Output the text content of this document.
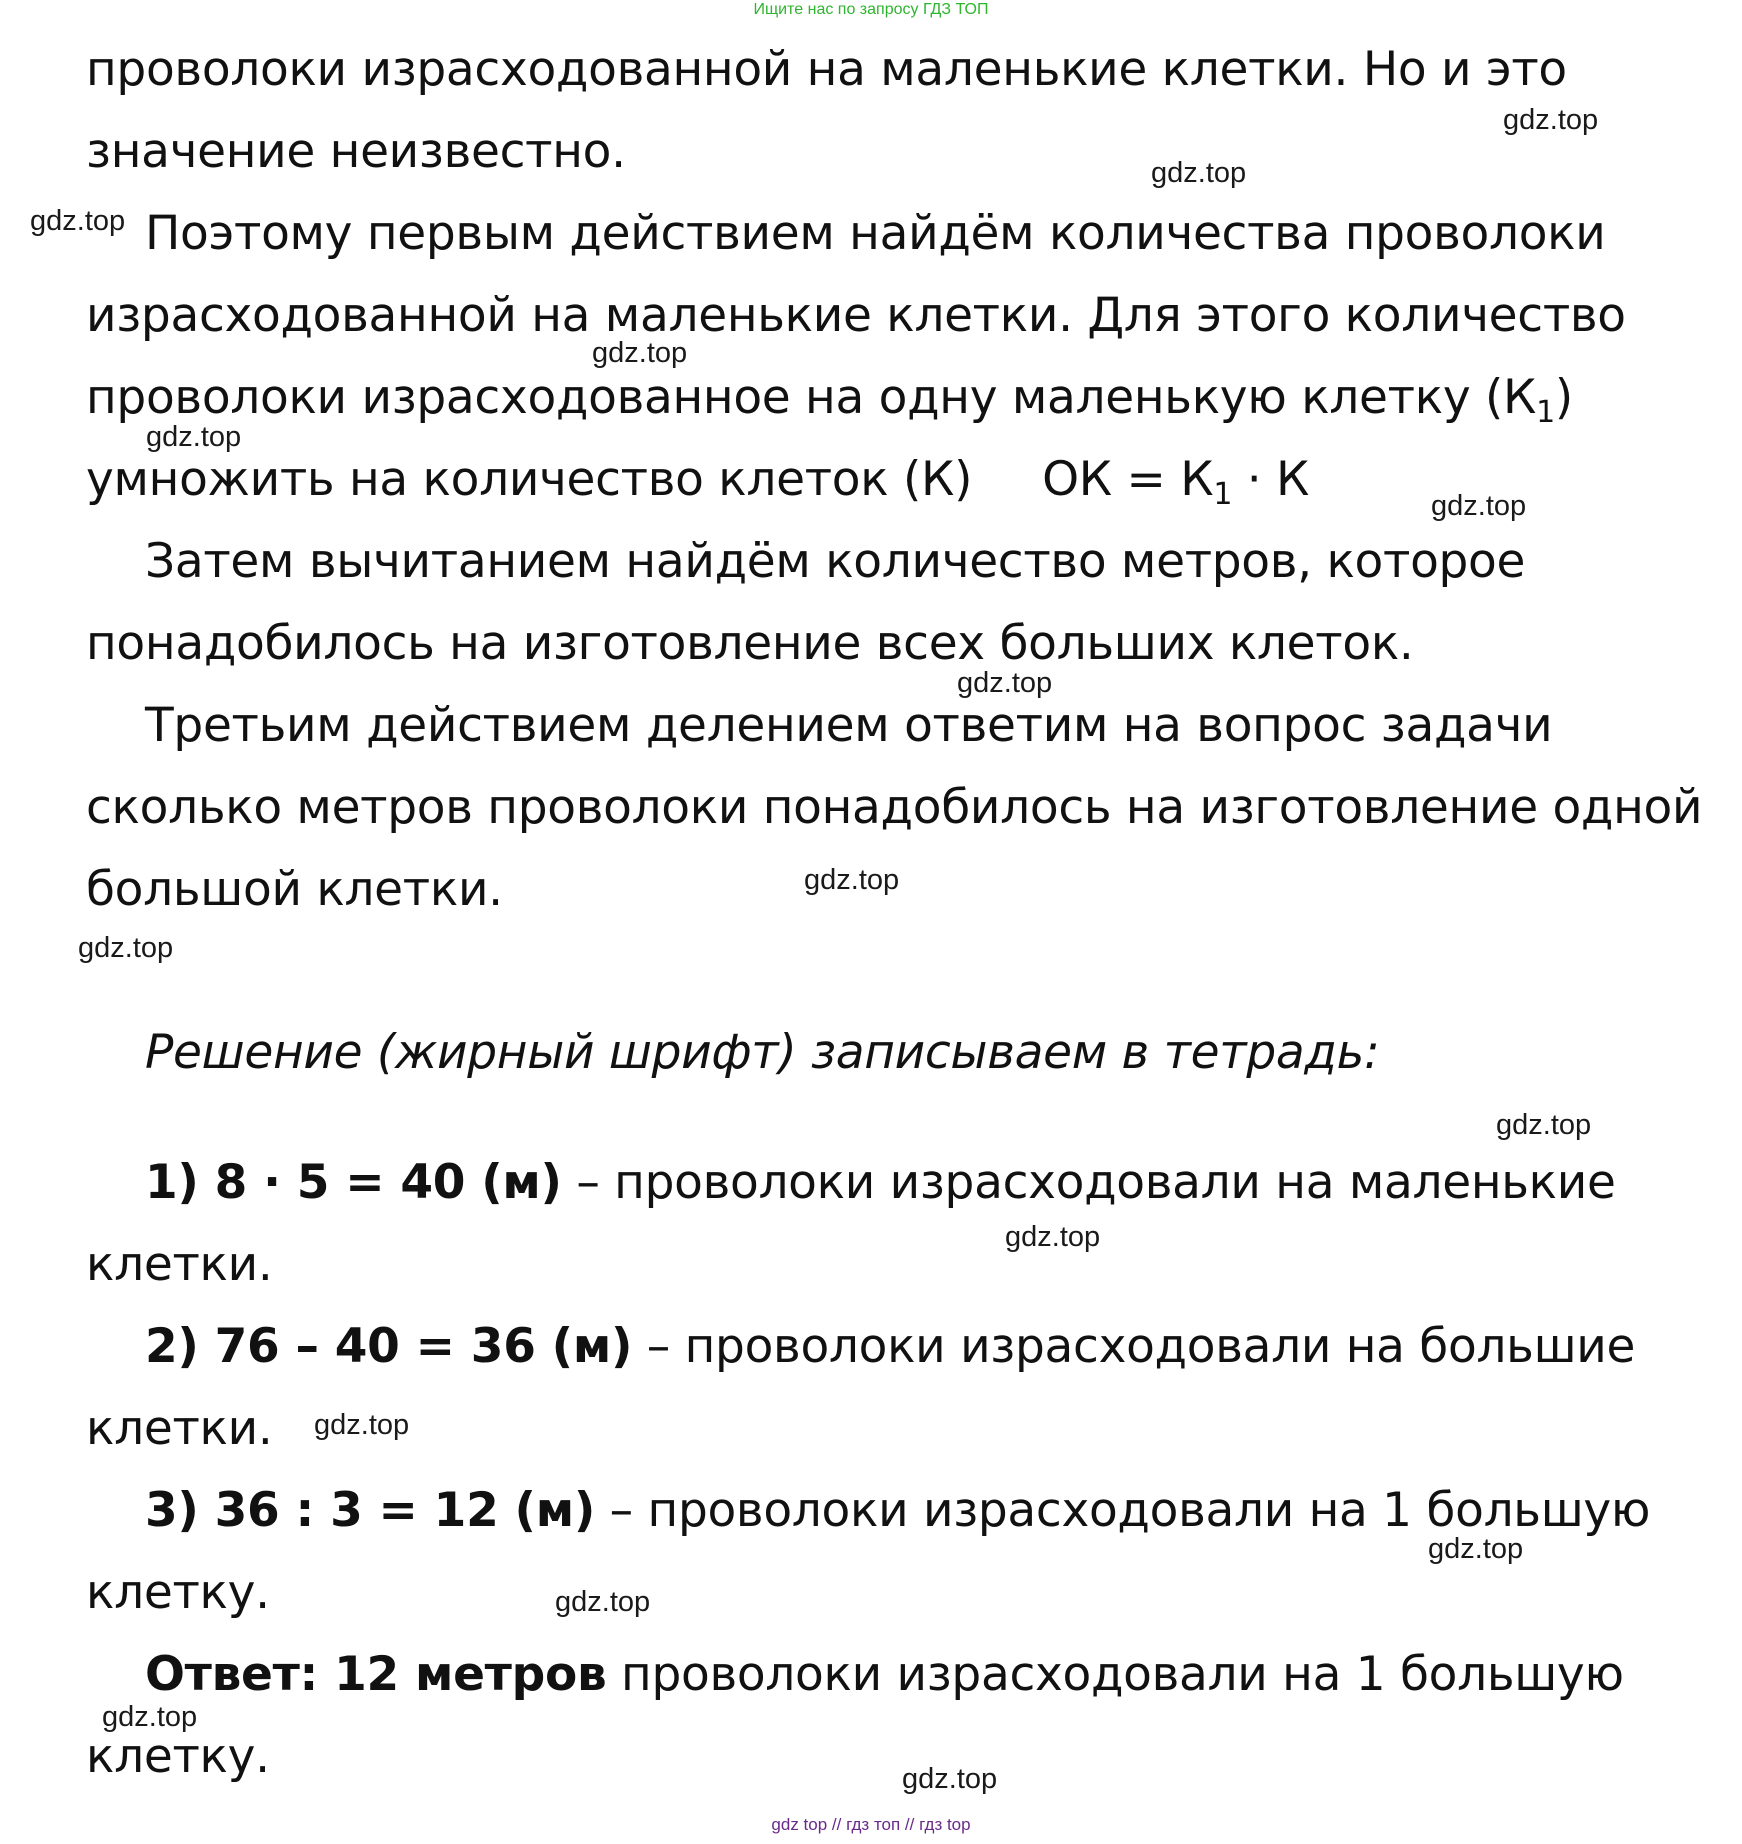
Ищите нас по запросу ГДЗ ТОП
проволоки израсходованной на маленькие клетки. Но и это
значение неизвестно.
Поэтому первым действием найдём количества проволоки
израсходованной на маленькие клетки. Для этого количество
проволоки израсходованное на одну маленькую клетку $(К_1)$
умножить на количество клеток (К) ОК = $К_1 \cdot К$
Затем вычитанием найдём количество метров, которое
понадобилось на изготовление всех больших клеток.
Третьим действием делением ответим на вопрос задачи
сколько метров проволоки понадобилось на изготовление одной
большой клетки.
Решение (жирный шрифт) записываем в тетрадь:
1) 8 · 5 = 40 (м) – проволоки израсходовали на маленькие
клетки.
2) 76 – 40 = 36 (м) – проволоки израсходовали на большие
клетки.
3) 36 : 3 = 12 (м) – проволоки израсходовали на 1 большую
клетку.
Ответ: 12 метров проволоки израсходовали на 1 большую
клетку.
gdz.top
gdz.top
gdz.top
gdz.top
gdz.top
gdz.top
gdz.top
gdz.top
gdz.top
gdz.top
gdz.top
gdz.top
gdz.top
gdz.top
gdz.top
gdz.top
gdz top // гдз топ // гдз top
